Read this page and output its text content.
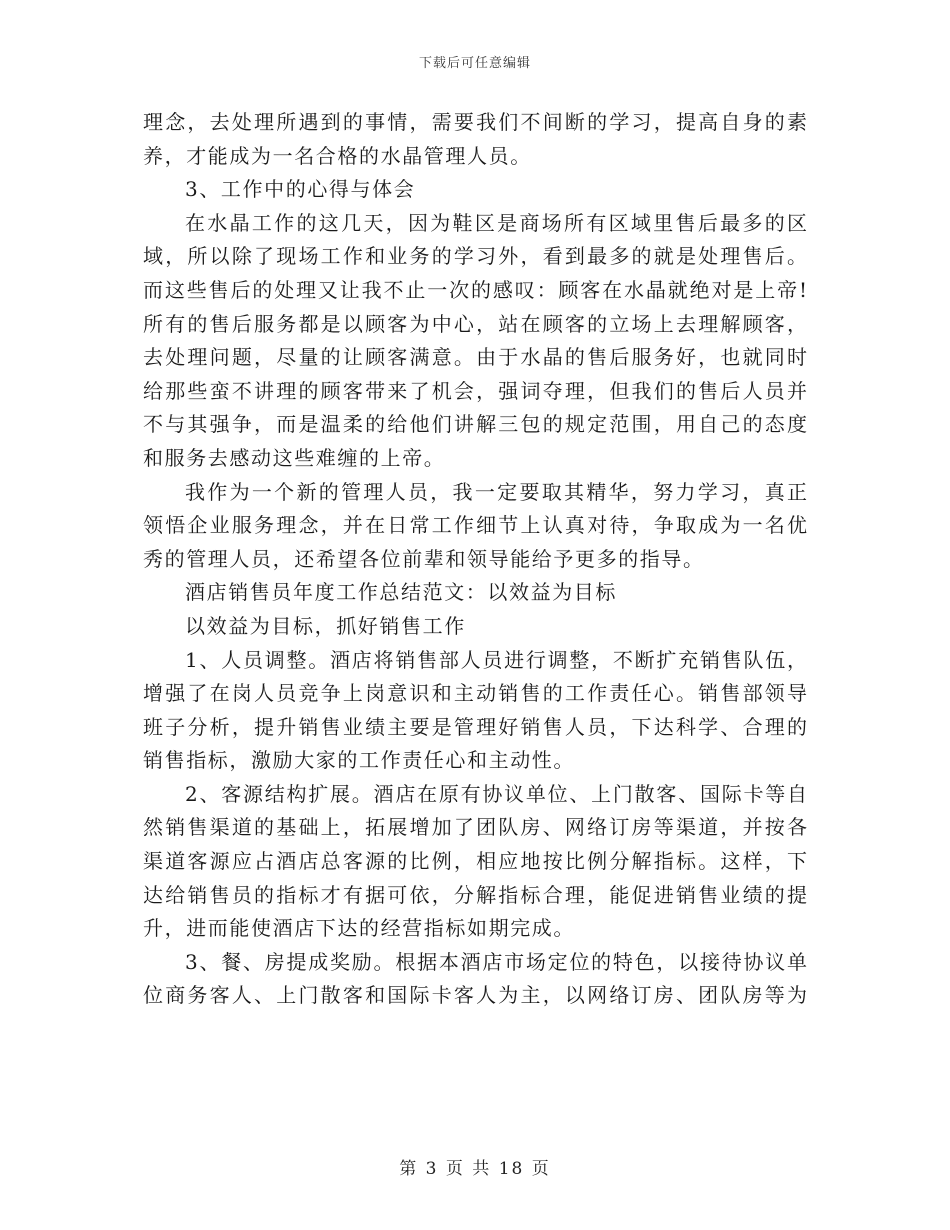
下载后可任意编辑
理念，去处理所遇到的事情，需要我们不间断的学习，提高自身的素
养，才能成为一名合格的水晶管理人员。
3、工作中的心得与体会
在水晶工作的这几天，因为鞋区是商场所有区域里售后最多的区
域，所以除了现场工作和业务的学习外，看到最多的就是处理售后。
而这些售后的处理又让我不止一次的感叹：顾客在水晶就绝对是上帝!
所有的售后服务都是以顾客为中心，站在顾客的立场上去理解顾客，
去处理问题，尽量的让顾客满意。由于水晶的售后服务好，也就同时
给那些蛮不讲理的顾客带来了机会，强词夺理，但我们的售后人员并
不与其强争，而是温柔的给他们讲解三包的规定范围，用自己的态度
和服务去感动这些难缠的上帝。
我作为一个新的管理人员，我一定要取其精华，努力学习，真正
领悟企业服务理念，并在日常工作细节上认真对待，争取成为一名优
秀的管理人员，还希望各位前辈和领导能给予更多的指导。
酒店销售员年度工作总结范文：以效益为目标
以效益为目标，抓好销售工作
1、人员调整。酒店将销售部人员进行调整，不断扩充销售队伍，
增强了在岗人员竞争上岗意识和主动销售的工作责任心。销售部领导
班子分析，提升销售业绩主要是管理好销售人员，下达科学、合理的
销售指标，激励大家的工作责任心和主动性。
2、客源结构扩展。酒店在原有协议单位、上门散客、国际卡等自
然销售渠道的基础上，拓展增加了团队房、网络订房等渠道，并按各
渠道客源应占酒店总客源的比例，相应地按比例分解指标。这样，下
达给销售员的指标才有据可依，分解指标合理，能促进销售业绩的提
升，进而能使酒店下达的经营指标如期完成。
3、餐、房提成奖励。根据本酒店市场定位的特色，以接待协议单
位商务客人、上门散客和国际卡客人为主，以网络订房、团队房等为
第 3 页 共 18 页
